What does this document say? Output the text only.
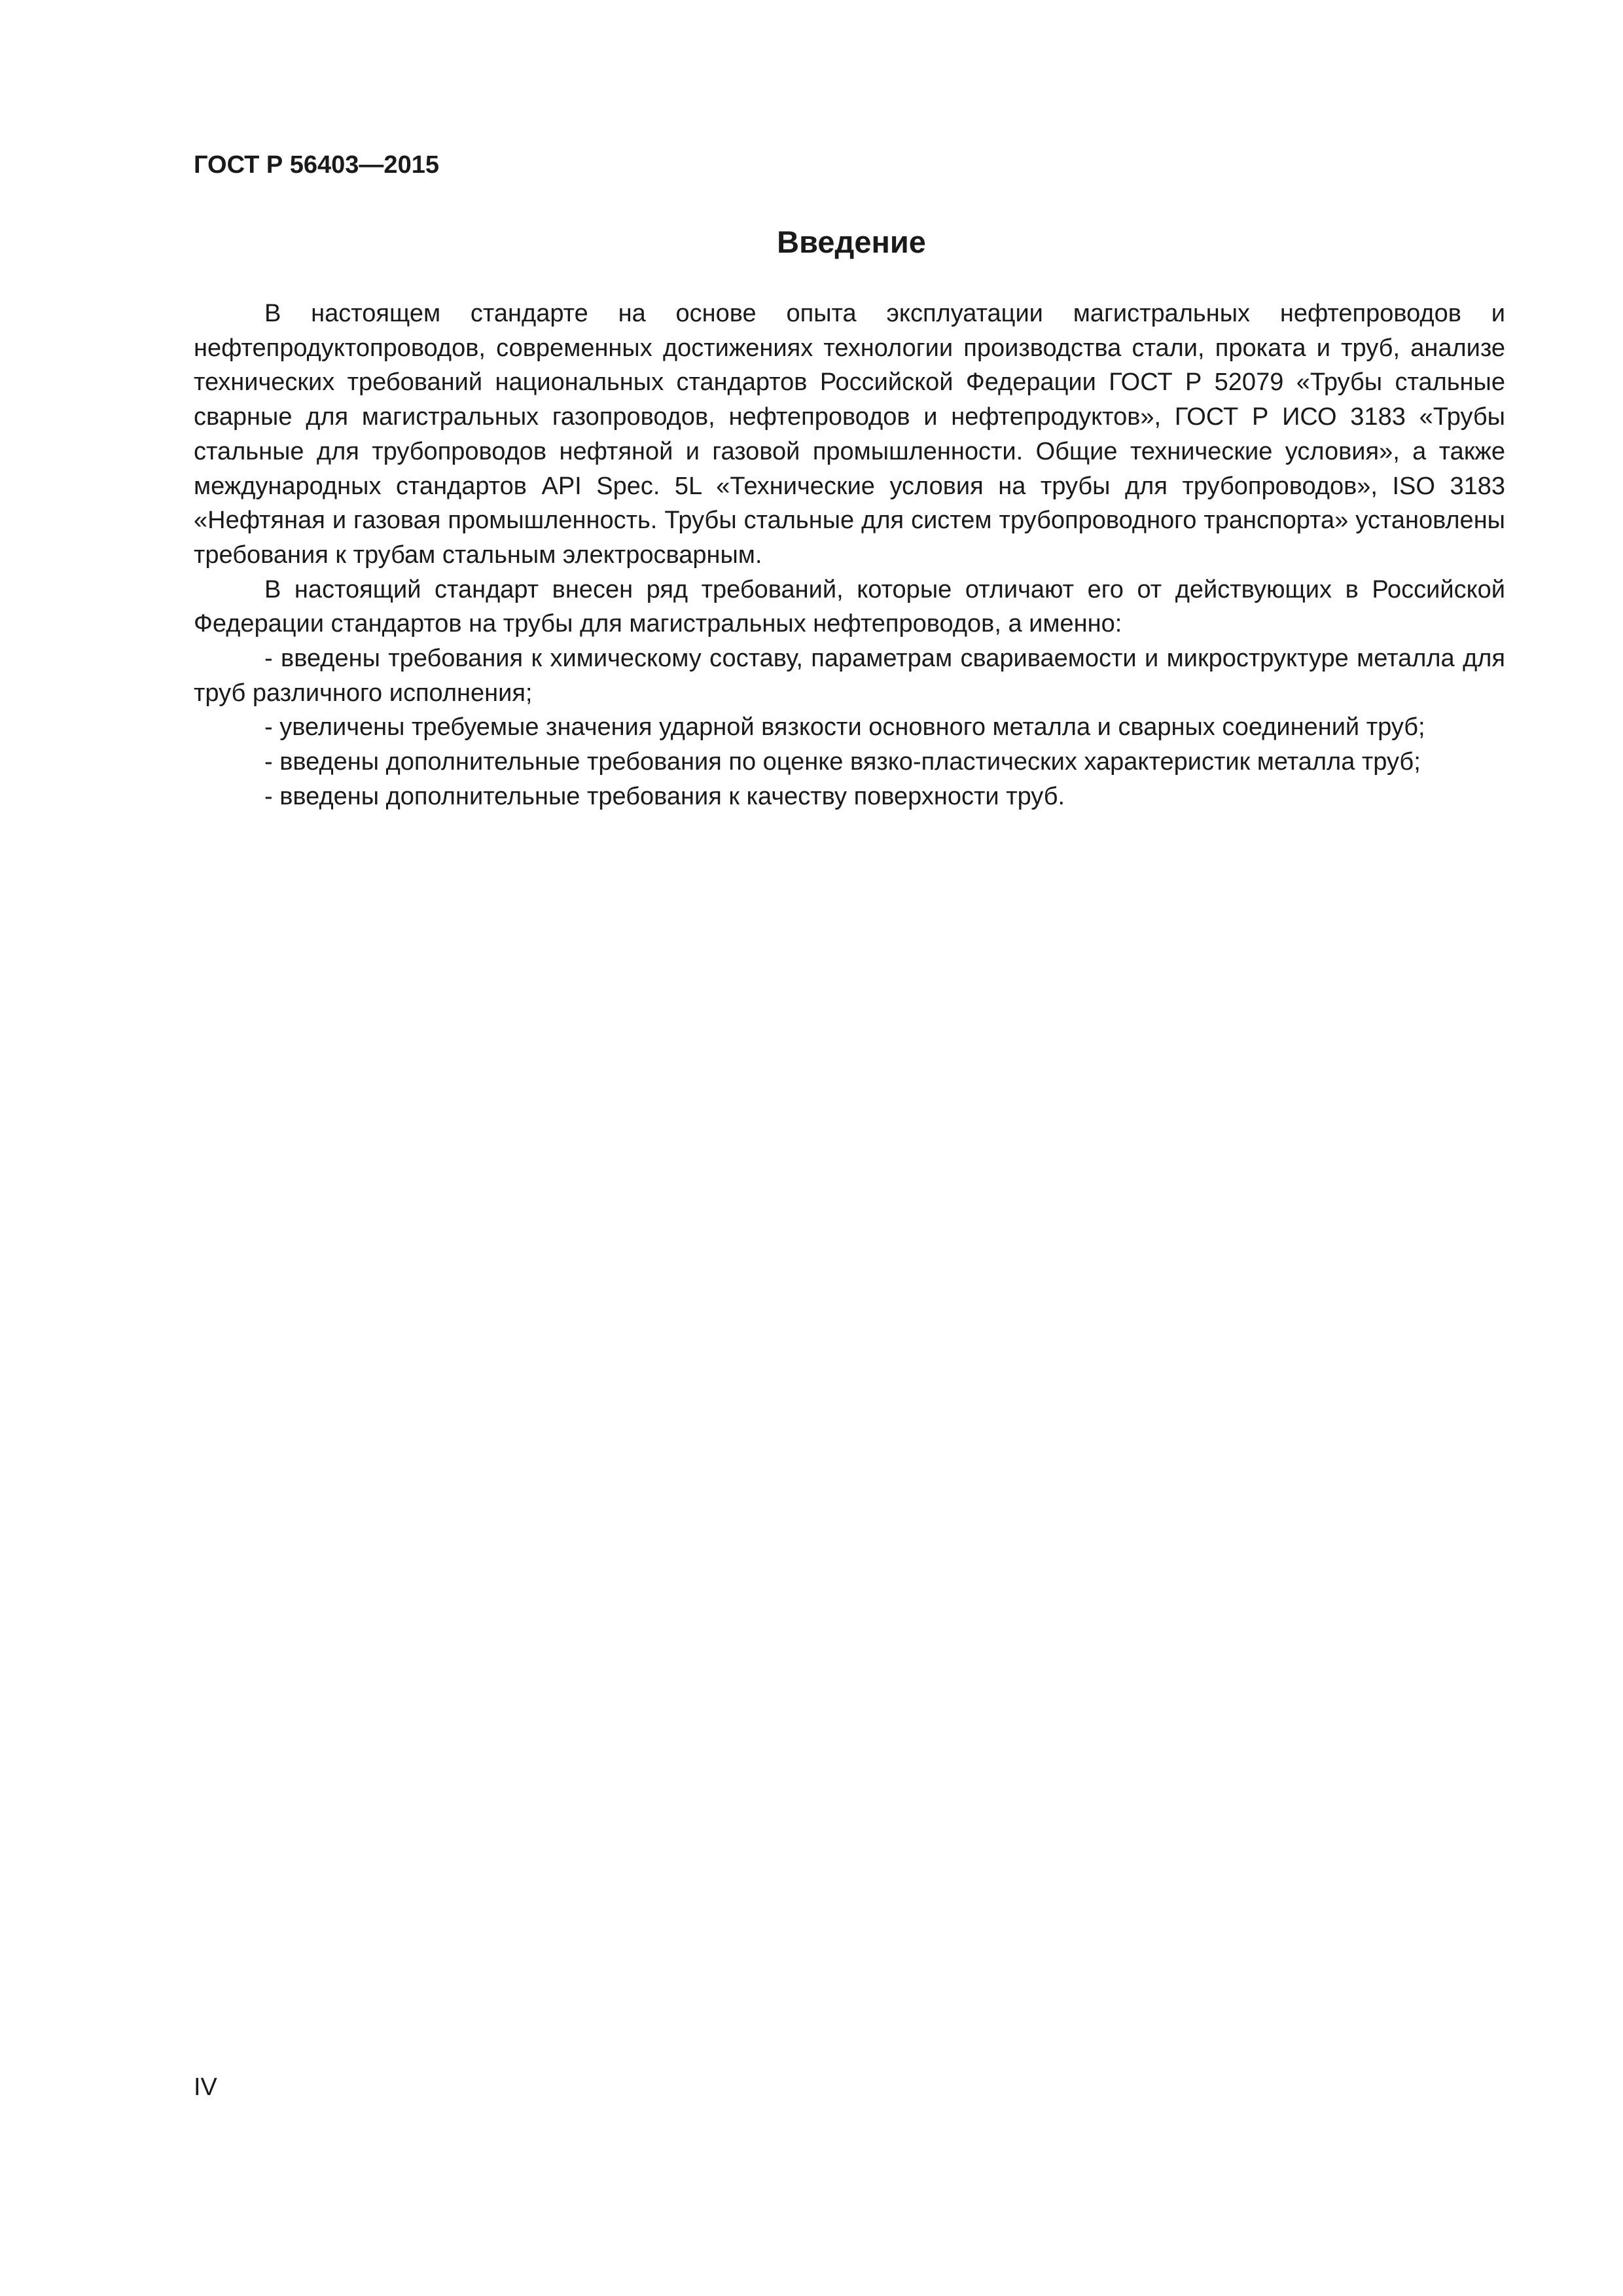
ГОСТ Р 56403—2015
Введение

В настоящем стандарте на основе опыта эксплуатации магистральных нефтепроводов и нефтепродуктопроводов, современных достижениях технологии производства стали, проката и труб, анализе технических требований национальных стандартов Российской Федерации ГОСТ Р 52079 «Трубы стальные сварные для магистральных газопроводов, нефтепроводов и нефтепродуктов», ГОСТ Р ИСО 3183 «Трубы стальные для трубопроводов нефтяной и газовой промышленности. Общие технические условия», а также международных стандартов API Spec. 5L «Технические условия на трубы для трубопроводов», ISO 3183 «Нефтяная и газовая промышленность. Трубы стальные для систем трубопроводного транспорта» установлены требования к трубам стальным электросварным.

В настоящий стандарт внесен ряд требований, которые отличают его от действующих в Российской Федерации стандартов на трубы для магистральных нефтепроводов, а именно:

- введены требования к химическому составу, параметрам свариваемости и микроструктуре металла для труб различного исполнения;

- увеличены требуемые значения ударной вязкости основного металла и сварных соединений труб;

- введены дополнительные требования по оценке вязко-пластических характеристик металла труб;

- введены дополнительные требования к качеству поверхности труб.

IV
